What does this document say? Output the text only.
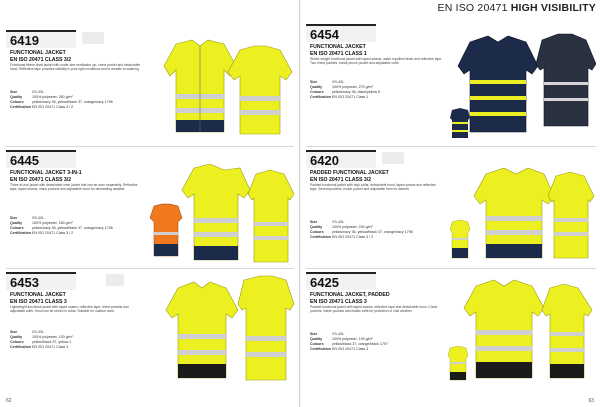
6419
FUNCTIONAL JACKET
EN ISO 20471 CLASS 3/2
Functional fleece-lined jacket with under-arm ventilation zip, chest pocket and detachable hood. Reflective tape provides visibility in poor light conditions and is durable to washing.
Size	XS-4XL
Quality	100% polyester, 260 g/m²
Colours	yellow/navy 36, yellow/black 37, orange/navy 1796
Certification EN ISO 20471 Class 3 / 2
6445
FUNCTIONAL JACKET 3-IN-1
EN ISO 20471 CLASS 3/2
Three-in-one jacket with detachable inner jacket that can be worn separately. Reflective tape, taped seams, many pockets and adjustable hood for demanding weather.
Size	XS-4XL
Quality	100% polyester, 180 g/m²
Colours	yellow/navy 36, yellow/black 37, orange/navy 1796
Certification EN ISO 20471 Class 3 / 2
6453
FUNCTIONAL JACKET
EN ISO 20471 CLASS 3
Lightweight functional jacket with taped seams, reflective tape, chest pockets and adjustable cuffs. Hood can be stored in collar. Suitable for outdoor work.
Size	XS-4XL
Quality	100% polyester, 130 g/m²
Colours	yellow/black 37, yellow 1
Certification EN ISO 20471 Class 3
62
EN ISO 20471 HIGH VISIBILITY
6454
FUNCTIONAL JACKET
EN ISO 20471 CLASS 1
Winter-weight functional jacket with taped seams, water repellent finish and reflective tape. Two chest pockets, inside phone pocket and adjustable cuffs.
Size	XS-4XL
Quality	100% polyester, 270 g/m²
Colours	yellow/navy 36, black/yellow 6
Certification EN ISO 20471 Class 1
6420
PADDED FUNCTIONAL JACKET
EN ISO 20471 CLASS 3/2
Padded functional jacket with high collar, detachable hood, taped seams and reflective tape. Several pockets, inside pocket and adjustable hem for warmth.
Size	XS-4XL
Quality	100% polyester, 230 g/m²
Colours	yellow/navy 36, yellow/black 37, orange/navy 1796
Certification EN ISO 20471 Class 3 / 2
6425
FUNCTIONAL JACKET, PADDED
EN ISO 20471 CLASS 3
Padded functional jacket with taped seams, reflective tape and detachable hood. Chest pockets, inside pockets and elastic cuffs for protection in cold weather.
Size	XS-4XL
Quality	100% polyester, 190 g/m²
Colours	yellow/black 37, orange/black 1797
Certification EN ISO 20471 Class 3
63
